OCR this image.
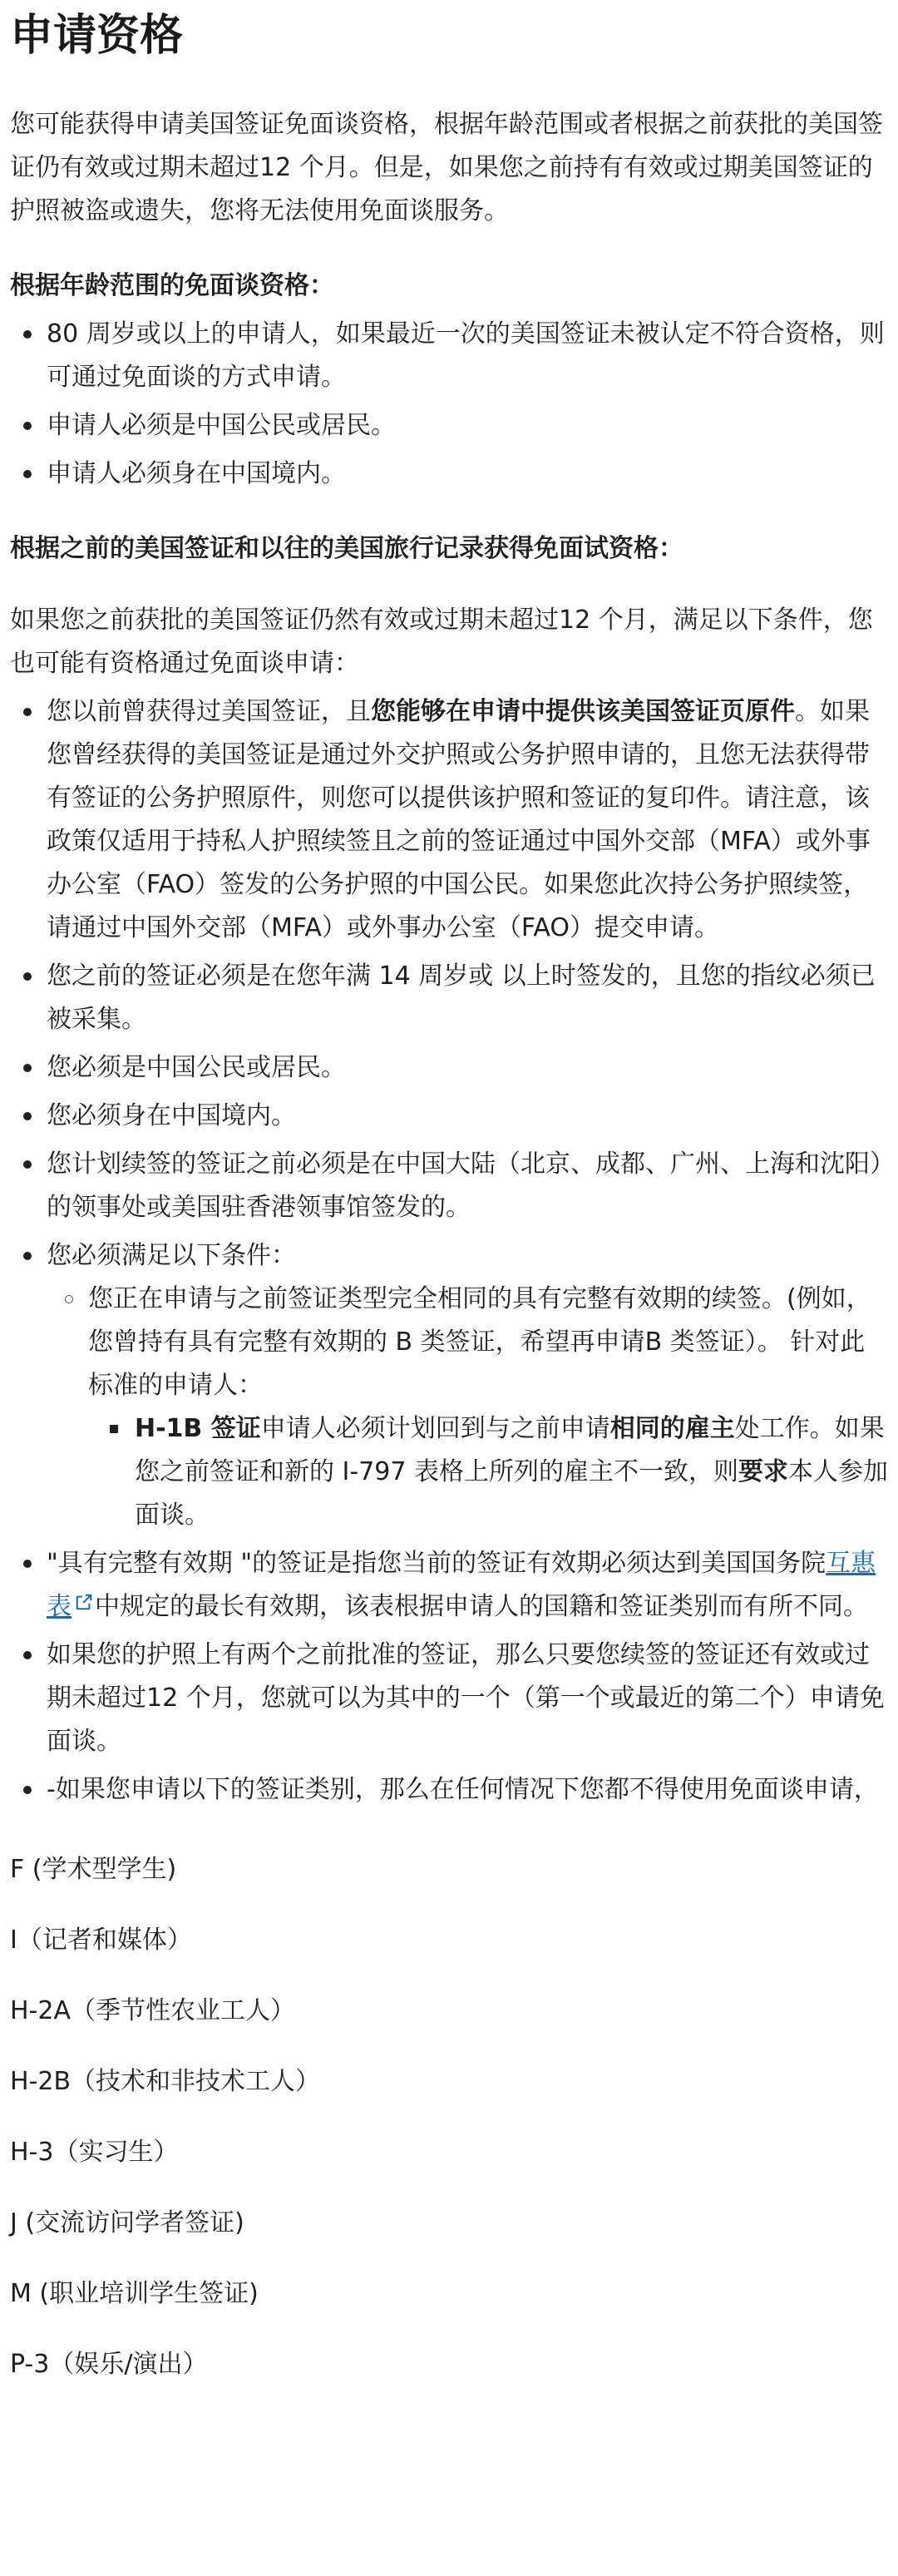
申请资格

您可能获得申请美国签证免面谈资格，根据年龄范围或者根据之前获批的美国签证仍有效或过期未超过12 个月。但是，如果您之前持有有效或过期美国签证的护照被盗或遗失，您将无法使用免面谈服务。

根据年龄范围的免面谈资格：

80 周岁或以上的申请人，如果最近一次的美国签证未被认定不符合资格，则可通过免面谈的方式申请。
申请人必须是中国公民或居民。
申请人必须身在中国境内。

根据之前的美国签证和以往的美国旅行记录获得免面试资格：

如果您之前获批的美国签证仍然有效或过期未超过12 个月，满足以下条件，您也可能有资格通过免面谈申请：

您以前曾获得过美国签证，且您能够在申请中提供该美国签证页原件。如果您曾经获得的美国签证是通过外交护照或公务护照申请的，且您无法获得带有签证的公务护照原件，则您可以提供该护照和签证的复印件。请注意，该政策仅适用于持私人护照续签且之前的签证通过中国外交部（MFA）或外事办公室（FAO）签发的公务护照的中国公民。如果您此次持公务护照续签，请通过中国外交部（MFA）或外事办公室（FAO）提交申请。
您之前的签证必须是在您年满 14 周岁或 以上时签发的，且您的指纹必须已被采集。
您必须是中国公民或居民。
您必须身在中国境内。
您计划续签的签证之前必须是在中国大陆（北京、成都、广州、上海和沈阳）的领事处或美国驻香港领事馆签发的。
您必须满足以下条件：
您正在申请与之前签证类型完全相同的具有完整有效期的续签。(例如，您曾持有具有完整有效期的 B 类签证，希望再申请B 类签证）。 针对此标准的申请人：
H-1B 签证申请人必须计划回到与之前申请相同的雇主处工作。如果您之前签证和新的 I-797 表格上所列的雇主不一致，则要求本人参加面谈。
"具有完整有效期 "的签证是指您当前的签证有效期必须达到美国国务院互惠表 中规定的最长有效期，该表根据申请人的国籍和签证类别而有所不同。
如果您的护照上有两个之前批准的签证，那么只要您续签的签证还有效或过期未超过12 个月，您就可以为其中的一个（第一个或最近的第二个）申请免面谈。
-如果您申请以下的签证类别，那么在任何情况下您都不得使用免面谈申请，

F (学术型学生)

I（记者和媒体）

H-2A（季节性农业工人）

H-2B（技术和非技术工人）

H-3（实习生）

J (交流访问学者签证)

M (职业培训学生签证)

P-3（娱乐/演出）
